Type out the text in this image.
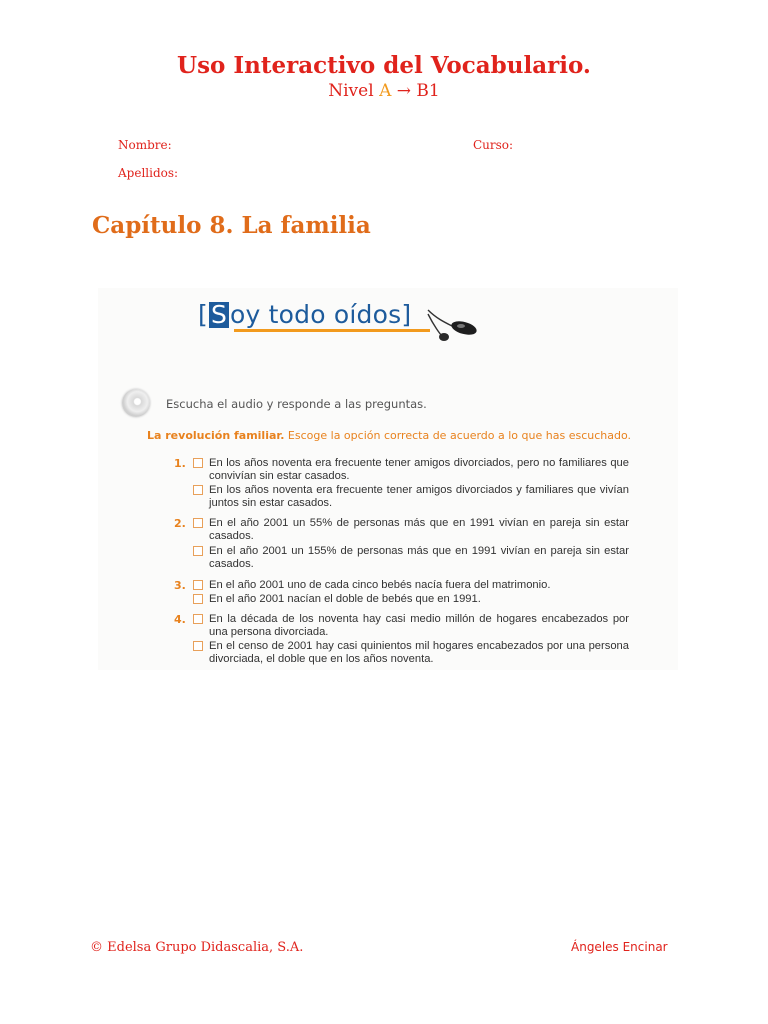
Uso Interactivo del Vocabulario.
Nivel A → B1
Nombre:	Curso:
Apellidos:
Capítulo 8. La familia
[ S oy todo oídos]
Escucha el audio y responde a las preguntas.
La revolución familiar. Escoge la opción correcta de acuerdo a lo que has escuchado.
1. En los años noventa era frecuente tener amigos divorciados, pero no familiares que convivían sin estar casados.
En los años noventa era frecuente tener amigos divorciados y familiares que vivían juntos sin estar casados.
2. En el año 2001 un 55% de personas más que en 1991 vivían en pareja sin estar casados.
En el año 2001 un 155% de personas más que en 1991 vivían en pareja sin estar casados.
3. En el año 2001 uno de cada cinco bebés nacía fuera del matrimonio.
En el año 2001 nacían el doble de bebés que en 1991.
4. En la década de los noventa hay casi medio millón de hogares encabezados por una persona divorciada.
En el censo de 2001 hay casi quinientos mil hogares encabezados por una persona divorciada, el doble que en los años noventa.
© Edelsa Grupo Didascalia, S.A.	Ángeles Encinar
